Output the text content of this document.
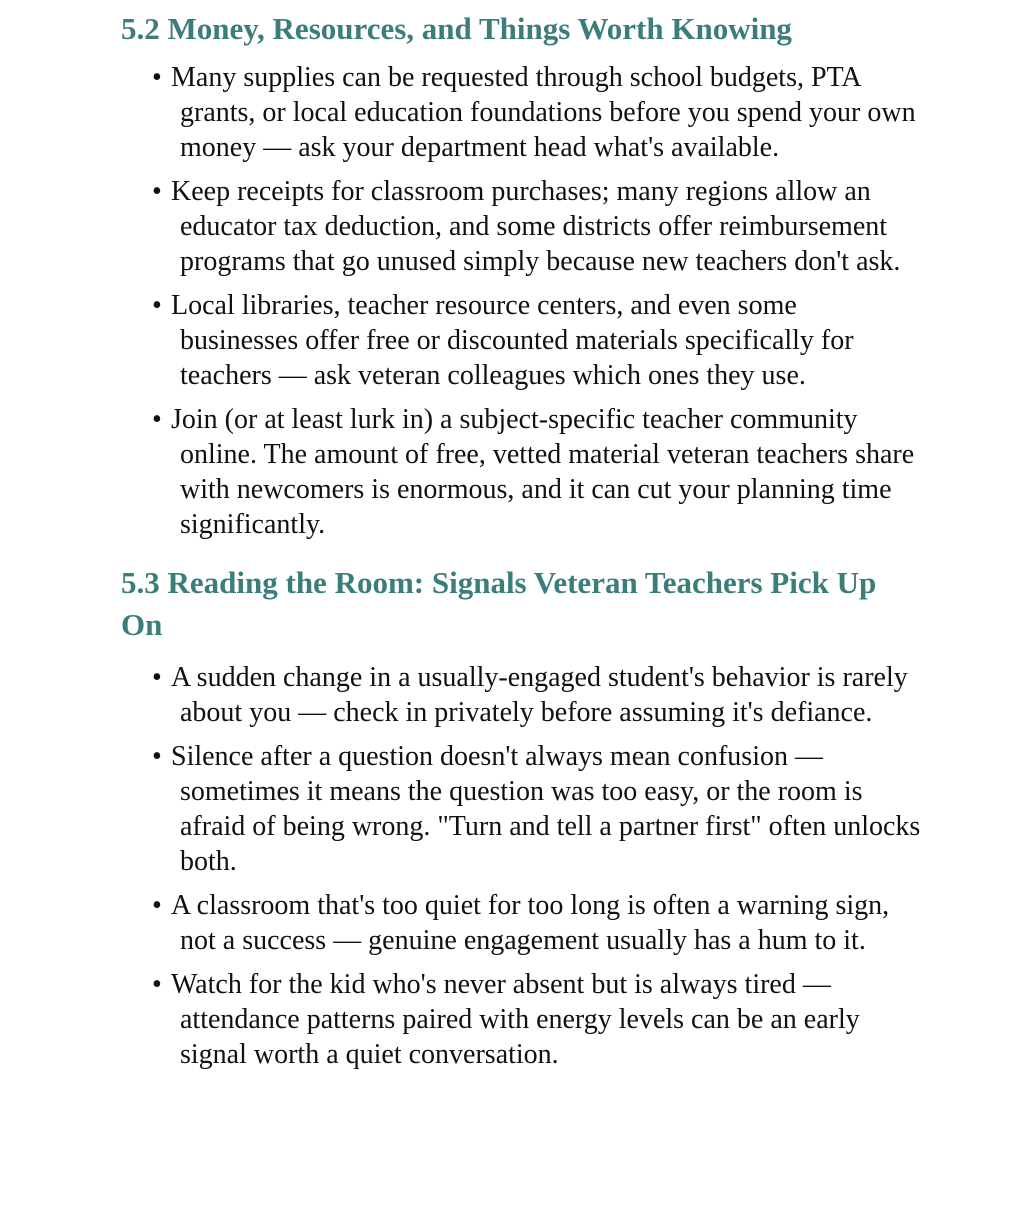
5.2 Money, Resources, and Things Worth Knowing
• Many supplies can be requested through school budgets, PTA grants, or local education foundations before you spend your own money — ask your department head what's available.
• Keep receipts for classroom purchases; many regions allow an educator tax deduction, and some districts offer reimbursement programs that go unused simply because new teachers don't ask.
• Local libraries, teacher resource centers, and even some businesses offer free or discounted materials specifically for teachers — ask veteran colleagues which ones they use.
• Join (or at least lurk in) a subject-specific teacher community online. The amount of free, vetted material veteran teachers share with newcomers is enormous, and it can cut your planning time significantly.
5.3 Reading the Room: Signals Veteran Teachers Pick Up On
• A sudden change in a usually-engaged student's behavior is rarely about you — check in privately before assuming it's defiance.
• Silence after a question doesn't always mean confusion — sometimes it means the question was too easy, or the room is afraid of being wrong. "Turn and tell a partner first" often unlocks both.
• A classroom that's too quiet for too long is often a warning sign, not a success — genuine engagement usually has a hum to it.
• Watch for the kid who's never absent but is always tired — attendance patterns paired with energy levels can be an early signal worth a quiet conversation.
